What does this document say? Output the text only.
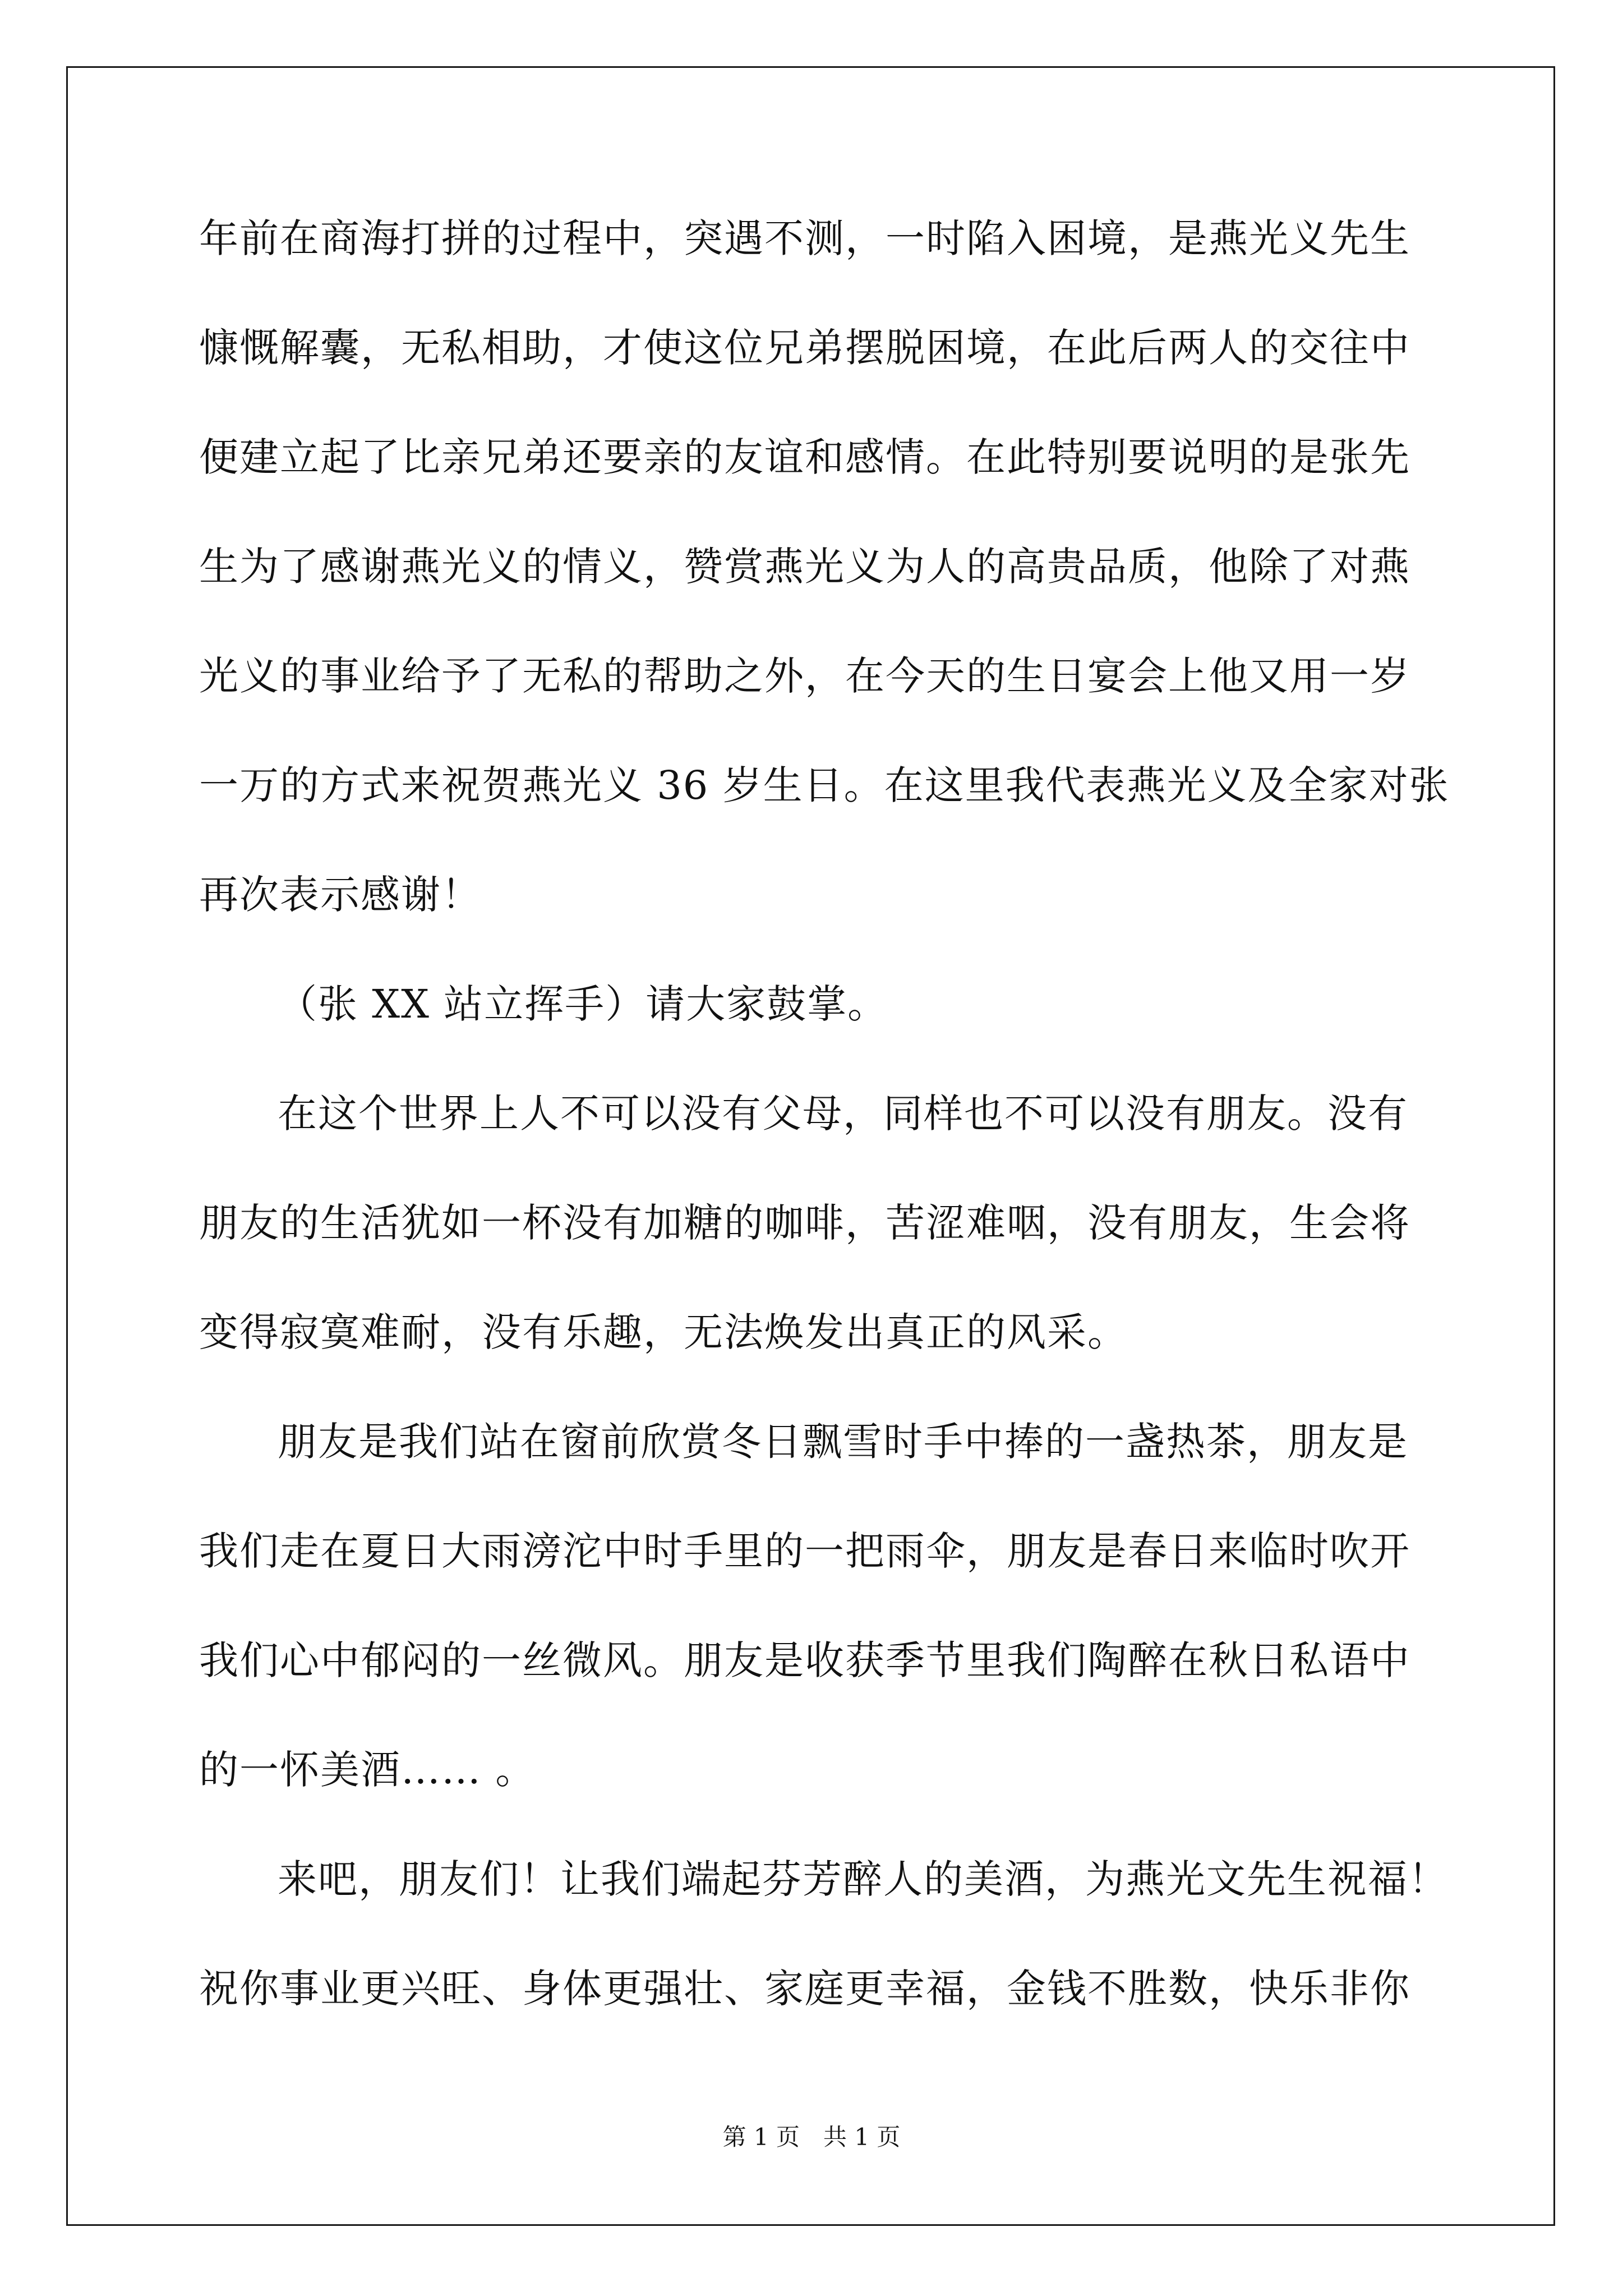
年前在商海打拼的过程中，突遇不测，一时陷入困境，是燕光义先生
慷慨解囊，无私相助，才使这位兄弟摆脱困境，在此后两人的交往中
便建立起了比亲兄弟还要亲的友谊和感情。在此特别要说明的是张先
生为了感谢燕光义的情义，赞赏燕光义为人的高贵品质，他除了对燕
光义的事业给予了无私的帮助之外，在今天的生日宴会上他又用一岁
一万的方式来祝贺燕光义 36 岁生日。在这里我代表燕光义及全家对张
再次表示感谢！
（张 XX 站立挥手）请大家鼓掌。
在这个世界上人不可以没有父母，同样也不可以没有朋友。没有
朋友的生活犹如一杯没有加糖的咖啡，苦涩难咽，没有朋友，生会将
变得寂寞难耐，没有乐趣，无法焕发出真正的风采。
朋友是我们站在窗前欣赏冬日飘雪时手中捧的一盏热茶，朋友是
我们走在夏日大雨滂沱中时手里的一把雨伞，朋友是春日来临时吹开
我们心中郁闷的一丝微风。朋友是收获季节里我们陶醉在秋日私语中
的一怀美酒…… 。
来吧，朋友们！让我们端起芬芳醉人的美酒，为燕光文先生祝福！
祝你事业更兴旺、身体更强壮、家庭更幸福，金钱不胜数，快乐非你
第 1 页　共 1 页
